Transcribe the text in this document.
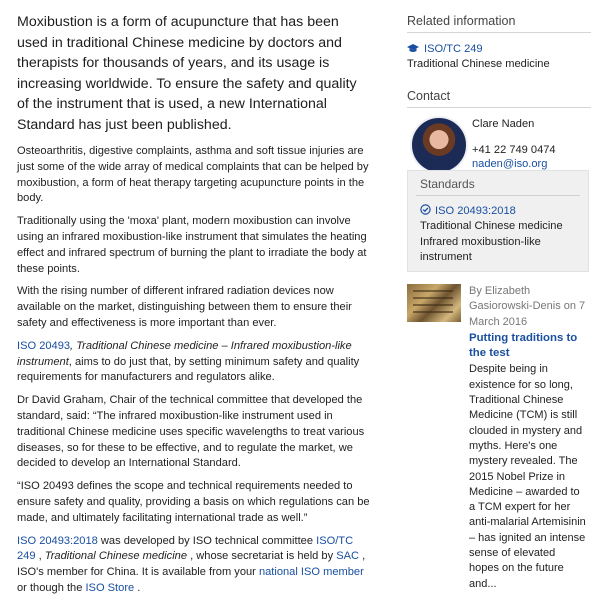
Moxibustion is a form of acupuncture that has been used in traditional Chinese medicine by doctors and therapists for thousands of years, and its usage is increasing worldwide. To ensure the safety and quality of the instrument that is used, a new International Standard has just been published.

Osteoarthritis, digestive complaints, asthma and soft tissue injuries are just some of the wide array of medical complaints that can be helped by moxibustion, a form of heat therapy targeting acupuncture points in the body.

Traditionally using the 'moxa' plant, modern moxibustion can involve using an infrared moxibustion-like instrument that simulates the heating effect and infrared spectrum of burning the plant to irradiate the body at these points.

With the rising number of different infrared radiation devices now available on the market, distinguishing between them to ensure their safety and effectiveness is more important than ever.

ISO 20493, Traditional Chinese medicine – Infrared moxibustion-like instrument, aims to do just that, by setting minimum safety and quality requirements for manufacturers and regulators alike.

Dr David Graham, Chair of the technical committee that developed the standard, said: “The infrared moxibustion-like instrument used in traditional Chinese medicine uses specific wavelengths to treat various diseases, so for these to be effective, and to regulate the market, we decided to develop an International Standard.

“ISO 20493 defines the scope and technical requirements needed to ensure safety and quality, providing a basis on which regulations can be made, and ultimately facilitating international trade as well.”

ISO 20493:2018 was developed by ISO technical committee ISO/TC 249 , Traditional Chinese medicine , whose secretariat is held by SAC , ISO's member for China. It is available from your national ISO member or though the ISO Store .

Related information
ISO/TC 249
Traditional Chinese medicine
Contact
Clare Naden
+41 22 749 0474
naden@iso.org
Standards
ISO 20493:2018
Traditional Chinese medicine Infrared moxibustion-like instrument
By Elizabeth Gasiorowski-Denis on 7 March 2016
Putting traditions to the test
Despite being in existence for so long, Traditional Chinese Medicine (TCM) is still clouded in mystery and myths. Here's one mystery revealed. The 2015 Nobel Prize in Medicine – awarded to a TCM expert for her anti-malarial Artemisinin – has ignited an intense sense of elevated hopes on the future and...
